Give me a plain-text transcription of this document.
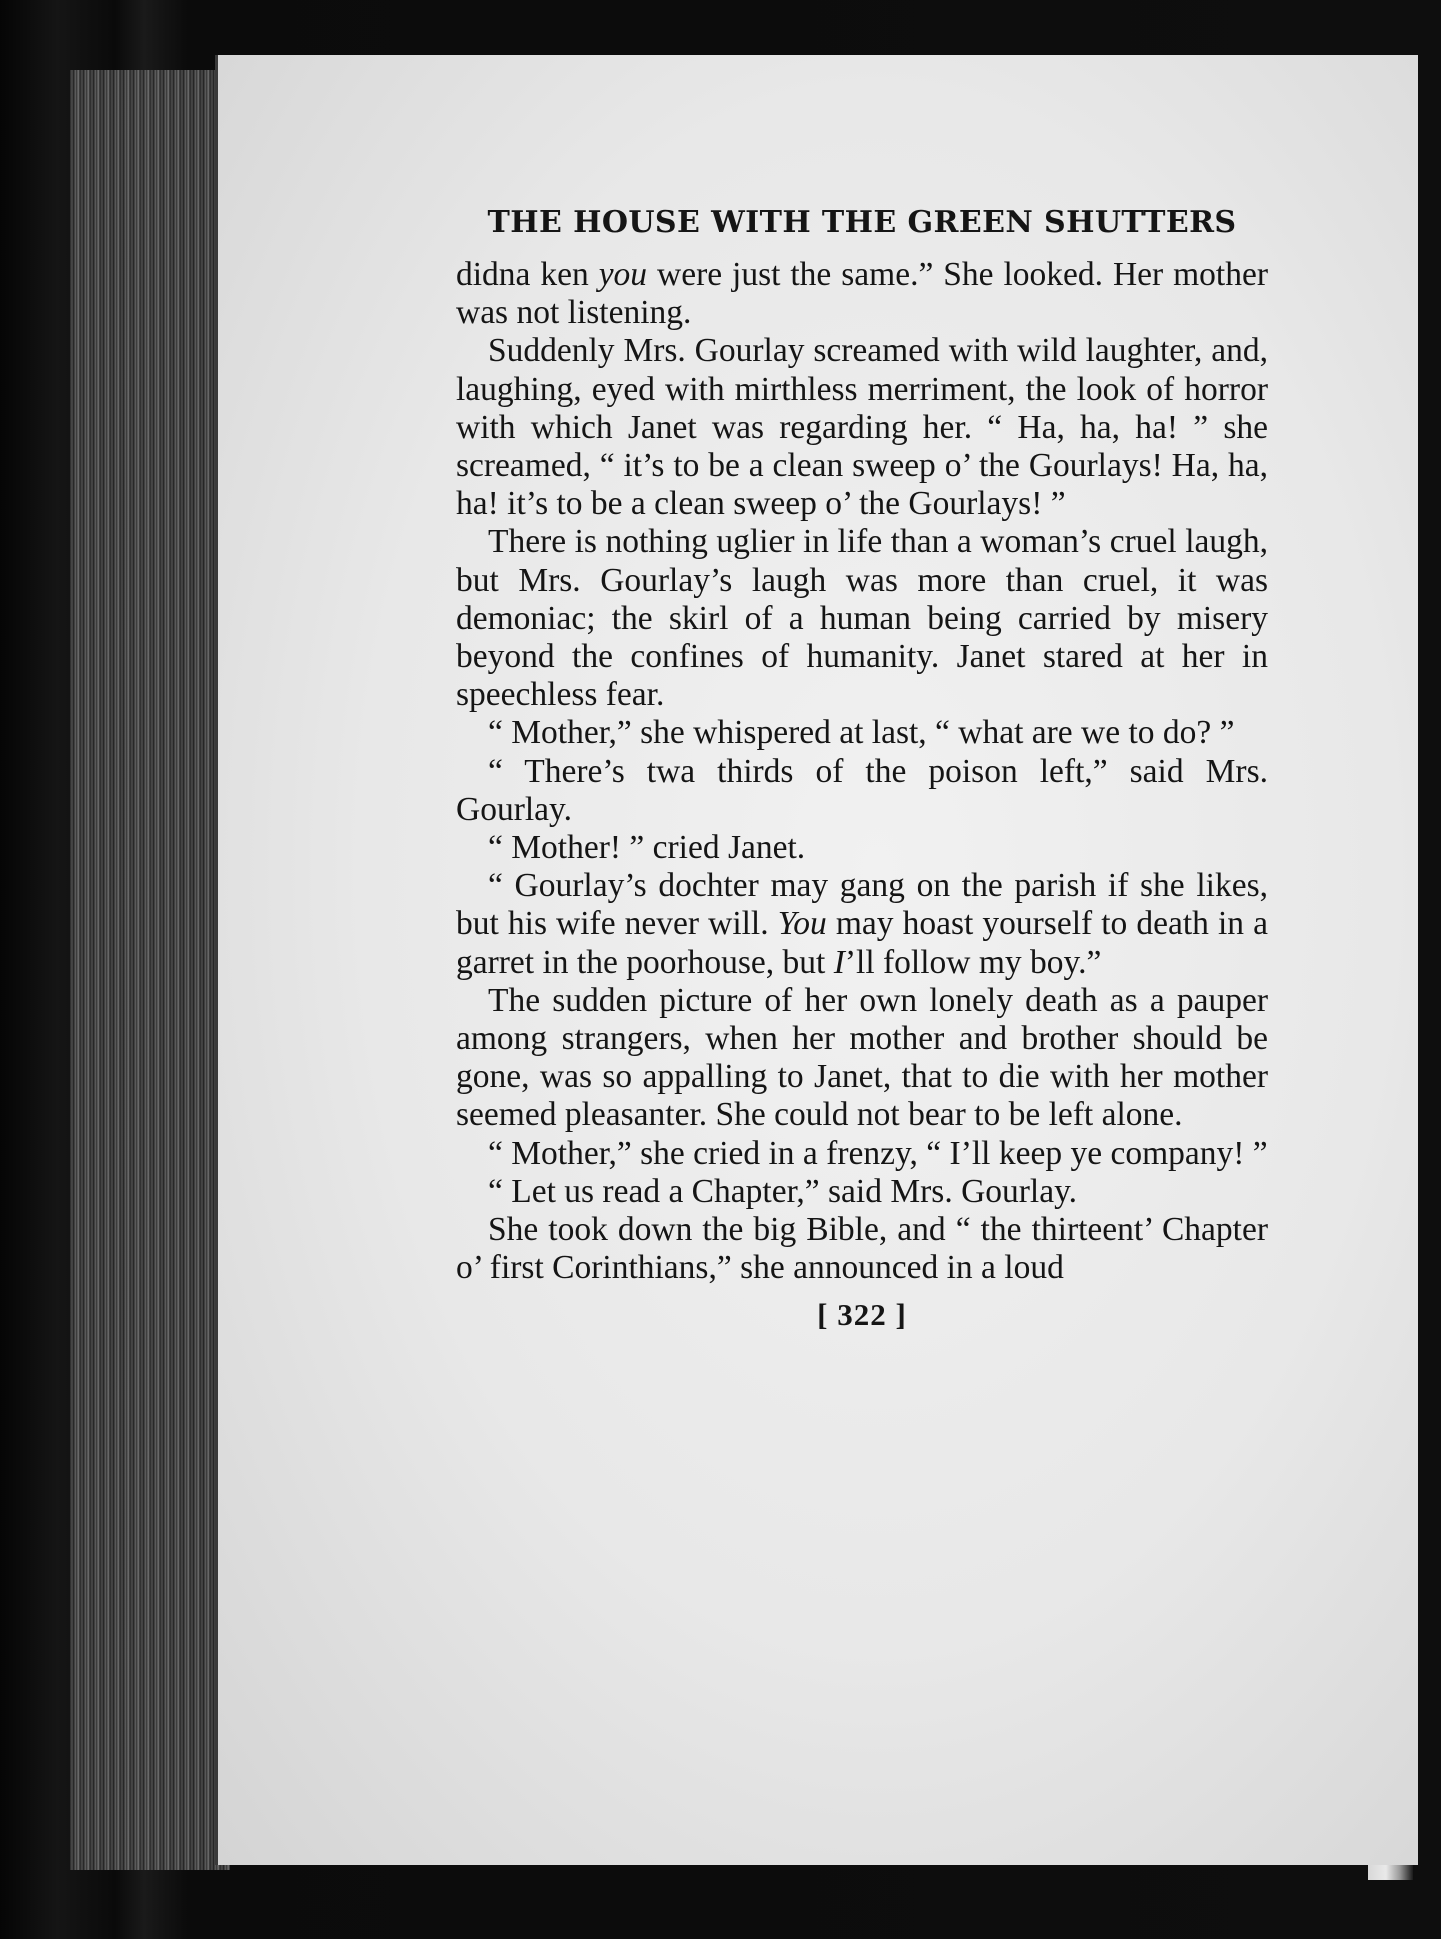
THE HOUSE WITH THE GREEN SHUTTERS

didna ken you were just the same.” She looked. Her mother was not listening.

Suddenly Mrs. Gourlay screamed with wild laughter, and, laughing, eyed with mirthless merriment, the look of horror with which Janet was regarding her. “ Ha, ha, ha! ” she screamed, “ it’s to be a clean sweep o’ the Gourlays! Ha, ha, ha! it’s to be a clean sweep o’ the Gourlays! ”

There is nothing uglier in life than a woman’s cruel laugh, but Mrs. Gourlay’s laugh was more than cruel, it was demoniac; the skirl of a human being carried by misery beyond the confines of humanity. Janet stared at her in speechless fear.

“ Mother,” she whispered at last, “ what are we to do? ”

“ There’s twa thirds of the poison left,” said Mrs. Gourlay.

“ Mother! ” cried Janet.

“ Gourlay’s dochter may gang on the parish if she likes, but his wife never will. You may hoast yourself to death in a garret in the poorhouse, but I’ll follow my boy.”

The sudden picture of her own lonely death as a pauper among strangers, when her mother and brother should be gone, was so appalling to Janet, that to die with her mother seemed pleasanter. She could not bear to be left alone.

“ Mother,” she cried in a frenzy, “ I’ll keep ye company! ”

“ Let us read a Chapter,” said Mrs. Gourlay.

She took down the big Bible, and “ the thirteent’ Chapter o’ first Corinthians,” she announced in a loud

[ 322 ]
